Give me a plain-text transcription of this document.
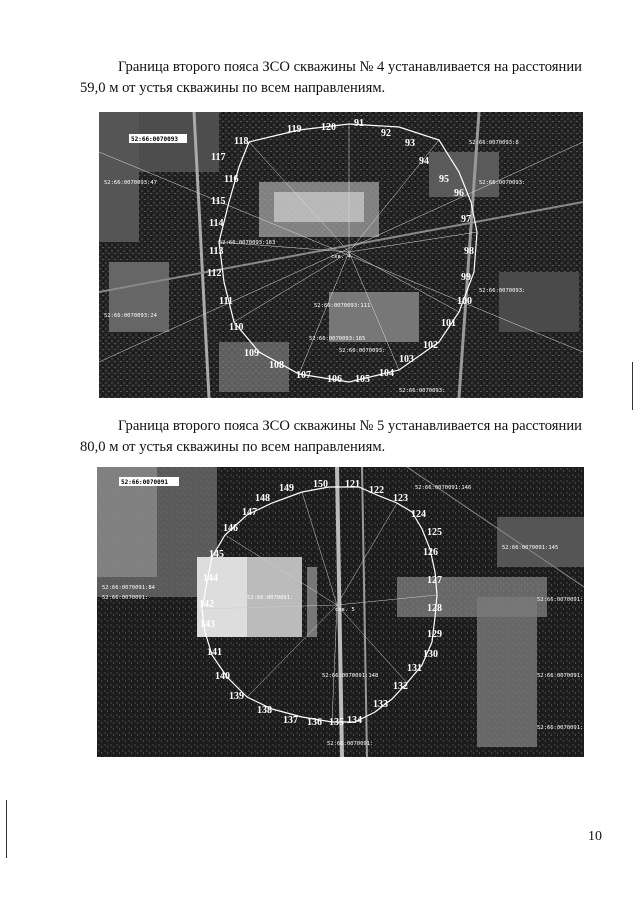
Граница второго пояса ЗСО скважины № 4 устанавливается на расстоянии
59,0 м от устья скважины по всем направлениям.

52:66:0070093
52:66:0070093:47
52:66:0070093:24
52:66:0070093:163
52:66:0070093:111
52:66:0070093:8
52:66:0070093:
52:66:0070093:
52:66:0070093:165
52:66:0070093:
52:66:0070093:
скв. 4
91
92
93
94
95
96
97
98
99
100
101
102
103
104
105
106
107
108
109
110
111
112
113
114
115
116
117
118
119 120

Граница второго пояса ЗСО скважины № 5 устанавливается на расстоянии
80,0 м от устья скважины по всем направлениям.

52:66:0070091
52:66:0070091:84
52:66:0070091:	52:66:0070091:
52:66:0070091:146
52:66:0070091:145
52:66:0070091:
52:66:0070091:148	52:66:0070091:
52:66:0070091:
52:66:0070091:
скв. 5
121
122
123
124
125
126
127
128
129
130
131
132
133
134
135
136
137
138
139
140
141
142
143
144
145
146
147
148
149 150
10
